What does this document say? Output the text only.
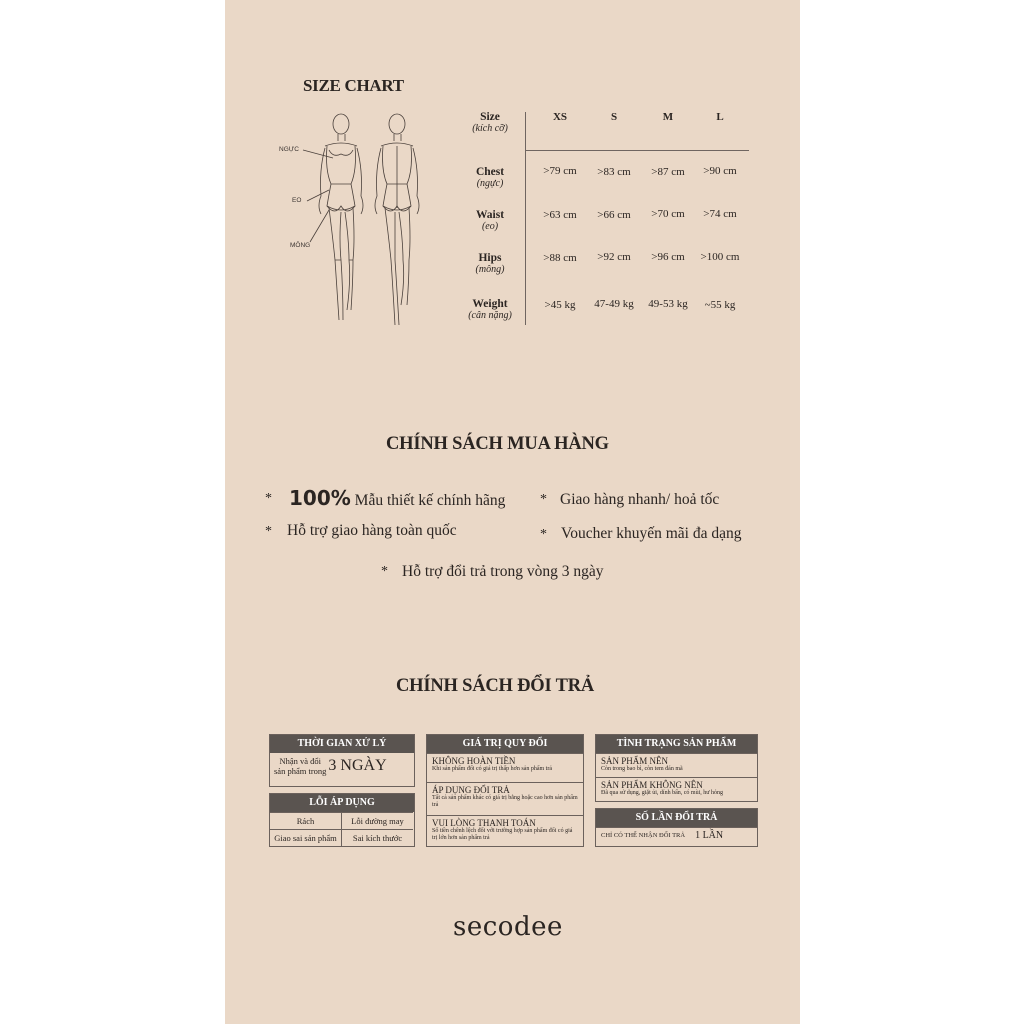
SIZE CHART
NGỰC
EO
MÔNG
Size
(kích cỡ)
XS	S	M	L
Chest
(ngực)
>79 cm	>83 cm	>87 cm	>90 cm
Waist
(eo)
>63 cm	>66 cm	>70 cm	>74 cm
Hips
(mông)
>88 cm	>92 cm	>96 cm	>100 cm
Weight
(cân nặng)
>45 kg	47-49 kg	49-53 kg	~55 kg
CHÍNH SÁCH MUA HÀNG
* 100% Mẫu thiết kế chính hãng * Giao hàng nhanh/ hoả tốc
* Hỗ trợ giao hàng toàn quốc	* Voucher khuyến mãi đa dạng
* Hỗ trợ đổi trả trong vòng 3 ngày
CHÍNH SÁCH ĐỔI TRẢ
THỜI GIAN XỬ LÝ
Nhận và đổi
sản phẩm trong 3 NGÀY
LỖI ÁP DỤNG
Rách	Lỗi đường may
Giao sai sản phẩm	Sai kích thước
GIÁ TRỊ QUY ĐỔI
KHÔNG HOÀN TIỀN
Khi sản phẩm đổi có giá trị thấp hơn sản phẩm trả
ÁP DỤNG ĐỔI TRẢ
Tất cả sản phẩm khác có giá trị bằng hoặc cao hơn sản phẩm trả
VUI LÒNG THANH TOÁN
Số tiền chênh lệch đối với trường hợp sản phẩm đổi có giá trị lớn hơn sản phẩm trả
TÌNH TRẠNG SẢN PHẨM
SẢN PHẨM NÊN
Còn trong bao bì, còn tem đán mã
SẢN PHẨM KHÔNG NÊN
Đã qua sử dụng, giặt ủi, dính bẩn, có mùi, hư hỏng
SỐ LẦN ĐỔI TRẢ
CHỈ CÓ THỂ NHẬN ĐỔI TRẢ 1 LẦN
secodee
